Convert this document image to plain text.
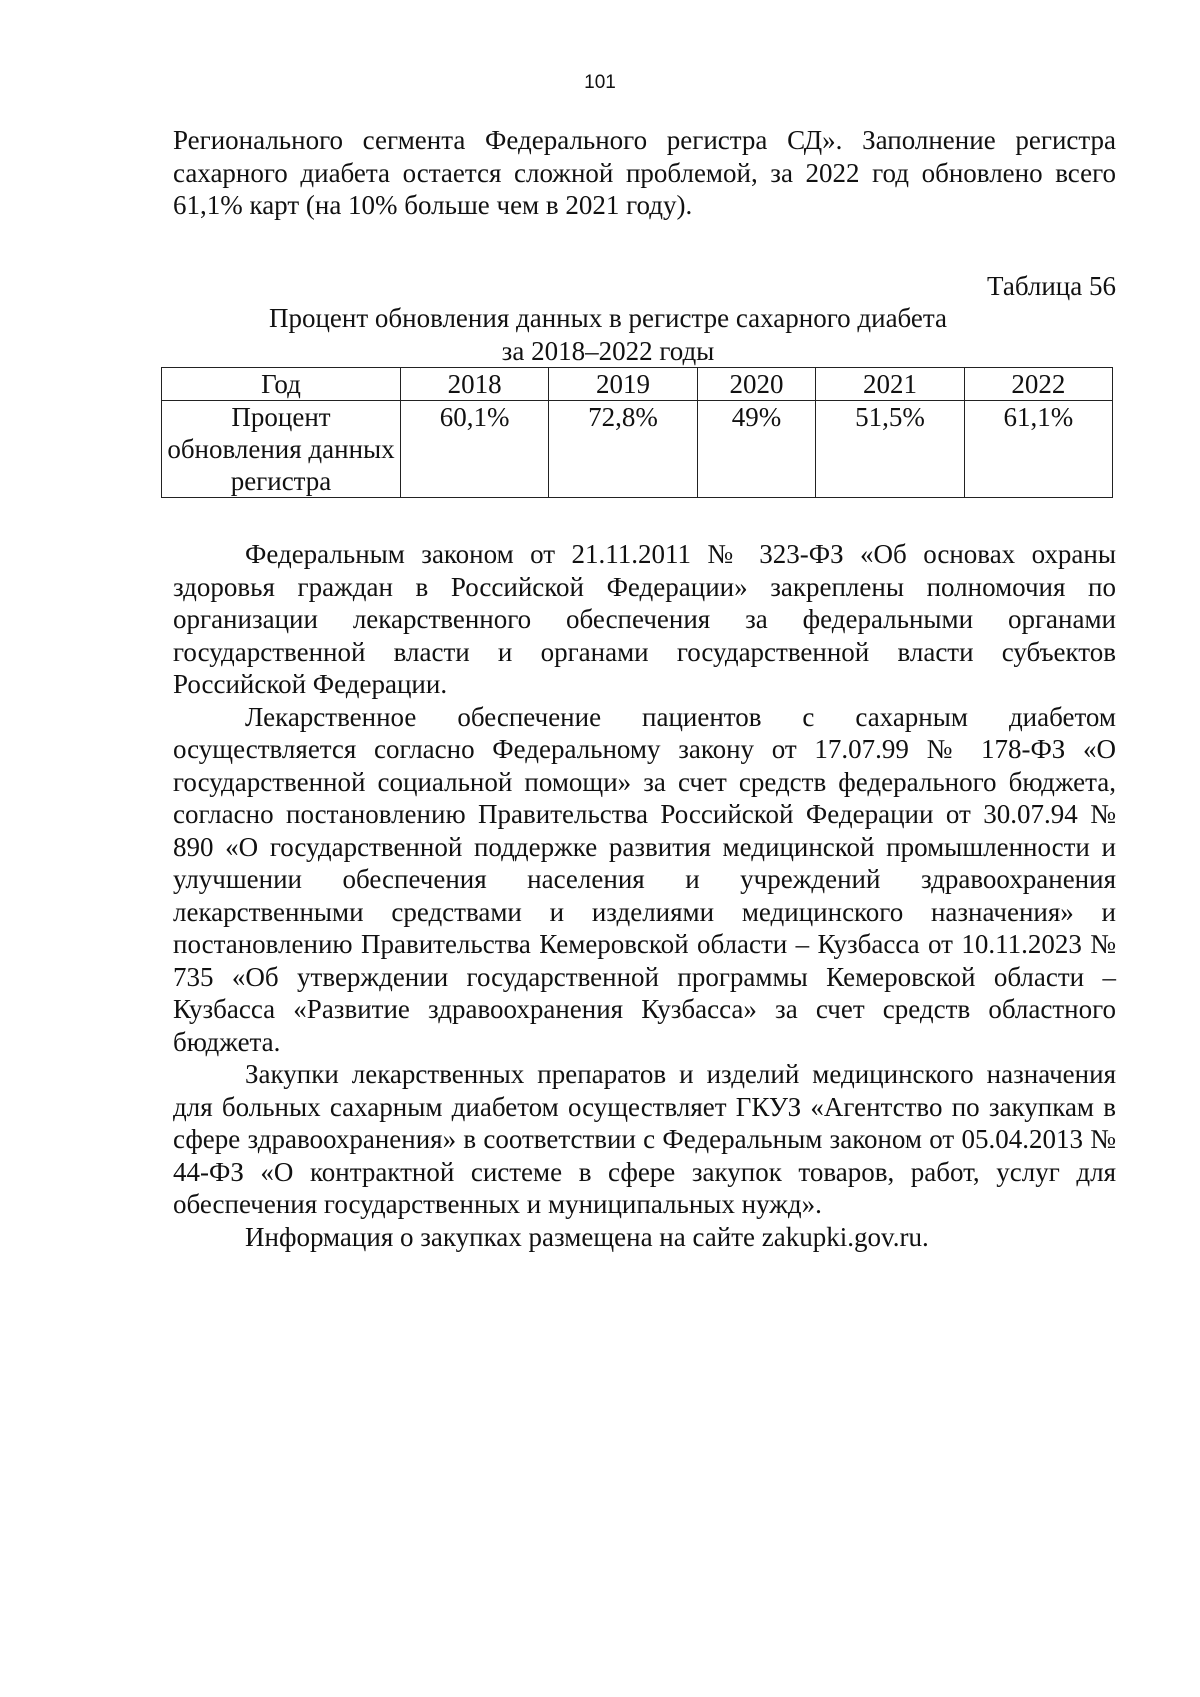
101

Регионального сегмента Федерального регистра СД». Заполнение регистра сахарного диабета остается сложной проблемой, за 2022 год обновлено всего 61,1% карт (на 10% больше чем в 2021 году).

Таблица 56
Процент обновления данных в регистре сахарного диабета
за 2018–2022 годы
Год	2018	2019	2020	2021	2022
Процент обновления данных регистра	60,1%	72,8%	49%	51,5%	61,1%

Федеральным законом от 21.11.2011 № 323-ФЗ «Об основах охраны здоровья граждан в Российской Федерации» закреплены полномочия по организации лекарственного обеспечения за федеральными органами государственной власти и органами государственной власти субъектов Российской Федерации.

Лекарственное обеспечение пациентов с сахарным диабетом осуществляется согласно Федеральному закону от 17.07.99 № 178-ФЗ «О государственной социальной помощи» за счет средств федерального бюджета, согласно постановлению Правительства Российской Федерации от 30.07.94 № 890 «О государственной поддержке развития медицинской промышленности и улучшении обеспечения населения и учреждений здравоохранения лекарственными средствами и изделиями медицинского назначения» и постановлению Правительства Кемеровской области – Кузбасса от 10.11.2023 № 735 «Об утверждении государственной программы Кемеровской области – Кузбасса «Развитие здравоохранения Кузбасса» за счет средств областного бюджета.

Закупки лекарственных препаратов и изделий медицинского назначения для больных сахарным диабетом осуществляет ГКУЗ «Агентство по закупкам в сфере здравоохранения» в соответствии с Федеральным законом от 05.04.2013 № 44-ФЗ «О контрактной системе в сфере закупок товаров, работ, услуг для обеспечения государственных и муниципальных нужд».

Информация о закупках размещена на сайте zakupki.gov.ru.
